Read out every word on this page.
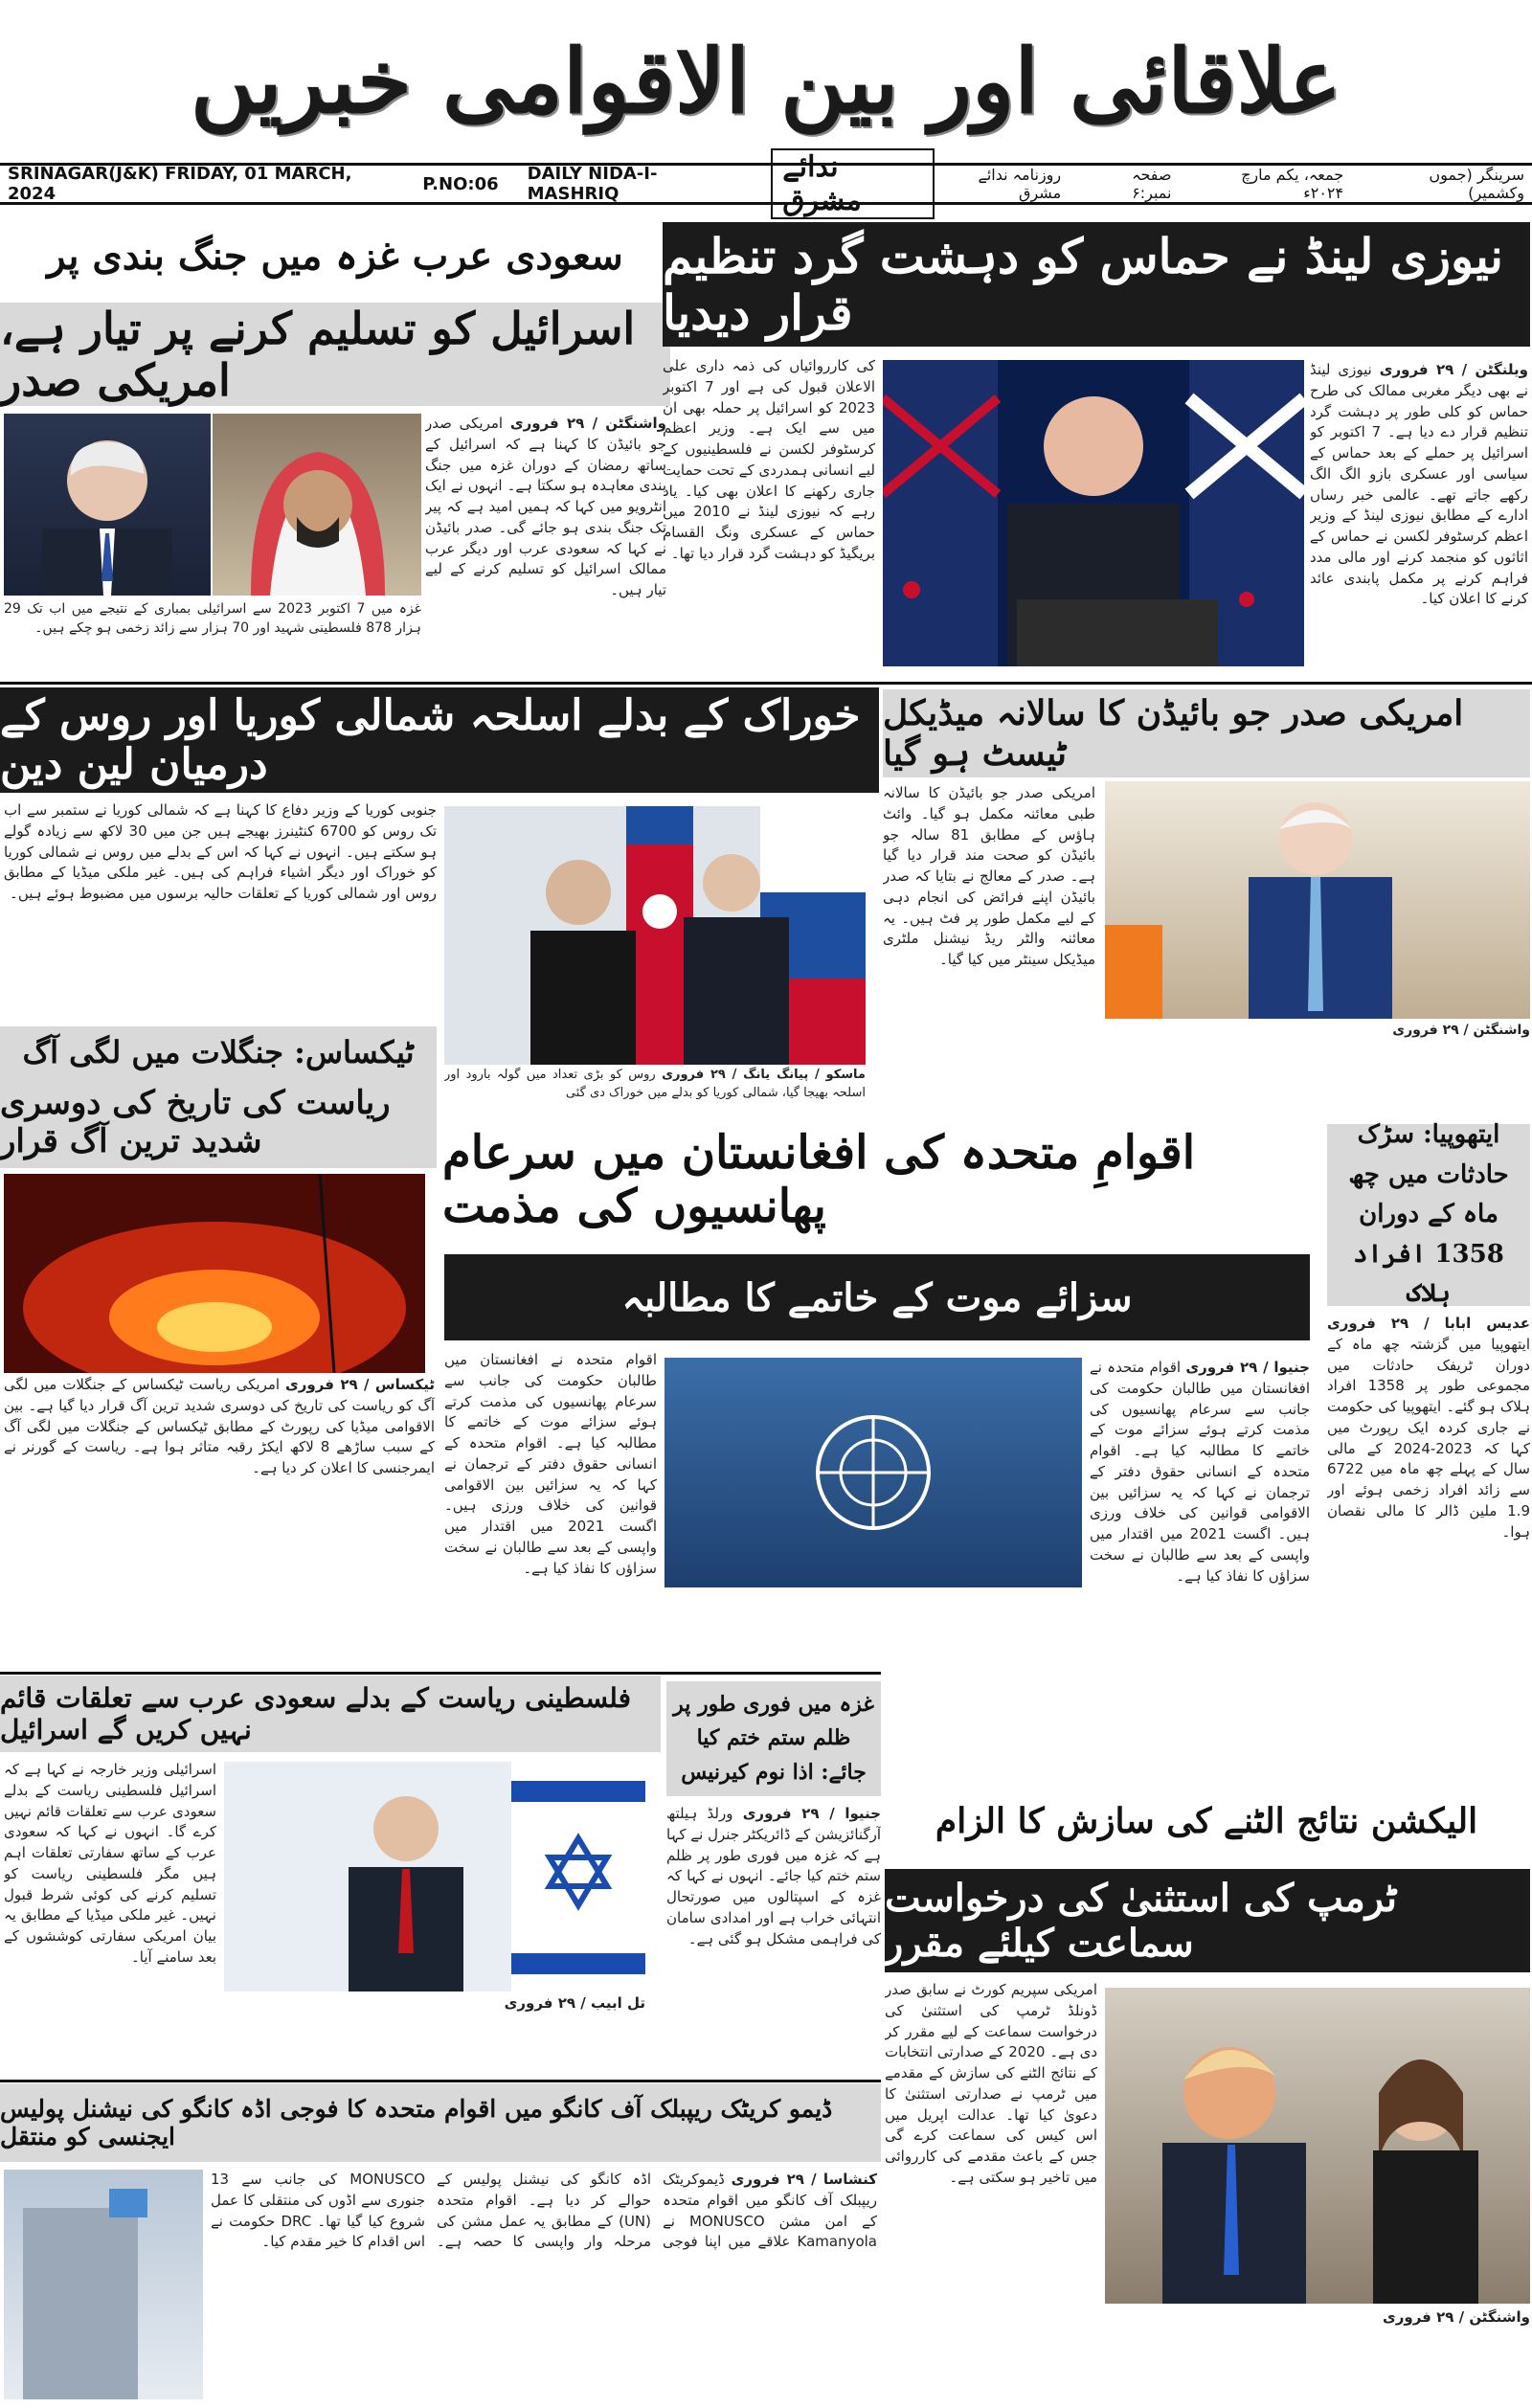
علاقائی اور بین الاقوامی خبریں
SRINAGAR(J&K) FRIDAY, 01 MARCH, 2024	P.NO:06 DAILY NIDA-I-MASHRIQ
ندائے مشرق
سرینگر (جموں وکشمیر)
جمعہ، یکم مارچ ۲۰۲۴ء
صفحہ نمبر:۶
روزنامہ ندائے مشرق
سعودی عرب غزہ میں جنگ بندی پر
اسرائیل کو تسلیم کرنے پر تیار ہے، امریکی صدر
واشنگٹن / ۲۹ فروری امریکی صدر جو بائیڈن کا کہنا ہے کہ اسرائیل کے ساتھ رمضان کے دوران غزہ میں جنگ بندی معاہدہ ہو سکتا ہے۔ انہوں نے ایک انٹرویو میں کہا کہ ہمیں امید ہے کہ پیر تک جنگ بندی ہو جائے گی۔ صدر بائیڈن نے کہا کہ سعودی عرب اور دیگر عرب ممالک اسرائیل کو تسلیم کرنے کے لیے تیار ہیں۔
غزہ میں 7 اکتوبر 2023 سے اسرائیلی بمباری کے نتیجے میں اب تک 29 ہزار 878 فلسطینی شہید اور 70 ہزار سے زائد زخمی ہو چکے ہیں۔
نیوزی لینڈ نے حماس کو دہشت گرد تنظیم قرار دیدیا
کی کارروائیاں کی ذمہ داری علی الاعلان قبول کی ہے اور 7 اکتوبر 2023 کو اسرائیل پر حملہ بھی ان میں سے ایک ہے۔ وزیر اعظم کرسٹوفر لکسن نے فلسطینیوں کے لیے انسانی ہمدردی کے تحت حمایت جاری رکھنے کا اعلان بھی کیا۔ یاد رہے کہ نیوزی لینڈ نے 2010 میں حماس کے عسکری ونگ القسام بریگیڈ کو دہشت گرد قرار دیا تھا۔
ویلنگٹن / ۲۹ فروری نیوزی لینڈ نے بھی دیگر مغربی ممالک کی طرح حماس کو کلی طور پر دہشت گرد تنظیم قرار دے دیا ہے۔ 7 اکتوبر کو اسرائیل پر حملے کے بعد حماس کے سیاسی اور عسکری بازو الگ الگ رکھے جاتے تھے۔ عالمی خبر رساں ادارے کے مطابق نیوزی لینڈ کے وزیر اعظم کرسٹوفر لکسن نے حماس کے اثاثوں کو منجمد کرنے اور مالی مدد فراہم کرنے پر مکمل پابندی عائد کرنے کا اعلان کیا۔
خوراک کے بدلے اسلحہ شمالی کوریا اور روس کے درمیان لین دین
جنوبی کوریا کے وزیر دفاع کا کہنا ہے کہ شمالی کوریا نے ستمبر سے اب تک روس کو 6700 کنٹینرز بھیجے ہیں جن میں 30 لاکھ سے زیادہ گولے ہو سکتے ہیں۔ انہوں نے کہا کہ اس کے بدلے میں روس نے شمالی کوریا کو خوراک اور دیگر اشیاء فراہم کی ہیں۔ غیر ملکی میڈیا کے مطابق روس اور شمالی کوریا کے تعلقات حالیہ برسوں میں مضبوط ہوئے ہیں۔
ماسکو / پیانگ یانگ / ۲۹ فروری روس کو بڑی تعداد میں گولہ بارود اور اسلحہ بھیجا گیا، شمالی کوریا کو بدلے میں خوراک دی گئی
امریکی صدر جو بائیڈن کا سالانہ میڈیکل ٹیسٹ ہو گیا
امریکی صدر جو بائیڈن کا سالانہ طبی معائنہ مکمل ہو گیا۔ وائٹ ہاؤس کے مطابق 81 سالہ جو بائیڈن کو صحت مند قرار دیا گیا ہے۔ صدر کے معالج نے بتایا کہ صدر بائیڈن اپنے فرائض کی انجام دہی کے لیے مکمل طور پر فٹ ہیں۔ یہ معائنہ والٹر ریڈ نیشنل ملٹری میڈیکل سینٹر میں کیا گیا۔
واشنگٹن / ۲۹ فروری
ٹیکساس: جنگلات میں لگی آگ
ریاست کی تاریخ کی دوسری شدید ترین آگ قرار
ٹیکساس / ۲۹ فروری امریکی ریاست ٹیکساس کے جنگلات میں لگی آگ کو ریاست کی تاریخ کی دوسری شدید ترین آگ قرار دیا گیا ہے۔ بین الاقوامی میڈیا کی رپورٹ کے مطابق ٹیکساس کے جنگلات میں لگی آگ کے سبب ساڑھے 8 لاکھ ایکڑ رقبہ متاثر ہوا ہے۔ ریاست کے گورنر نے ایمرجنسی کا اعلان کر دیا ہے۔
اقوامِ متحدہ کی افغانستان میں سرعام پھانسیوں کی مذمت
سزائے موت کے خاتمے کا مطالبہ
اقوام متحدہ نے افغانستان میں طالبان حکومت کی جانب سے سرعام پھانسیوں کی مذمت کرتے ہوئے سزائے موت کے خاتمے کا مطالبہ کیا ہے۔ اقوام متحدہ کے انسانی حقوق دفتر کے ترجمان نے کہا کہ یہ سزائیں بین الاقوامی قوانین کی خلاف ورزی ہیں۔ اگست 2021 میں اقتدار میں واپسی کے بعد سے طالبان نے سخت سزاؤں کا نفاذ کیا ہے۔
جنیوا / ۲۹ فروری اقوام متحدہ نے افغانستان میں طالبان حکومت کی جانب سے سرعام پھانسیوں کی مذمت کرتے ہوئے سزائے موت کے خاتمے کا مطالبہ کیا ہے۔ اقوام متحدہ کے انسانی حقوق دفتر کے ترجمان نے کہا کہ یہ سزائیں بین الاقوامی قوانین کی خلاف ورزی ہیں۔ اگست 2021 میں اقتدار میں واپسی کے بعد سے طالبان نے سخت سزاؤں کا نفاذ کیا ہے۔
ایتھوپیا: سڑک حادثات میں چھ ماہ کے دوران 1358 افراد ہلاک
عدیس ابابا / ۲۹ فروری ایتھوپیا میں گزشتہ چھ ماہ کے دوران ٹریفک حادثات میں مجموعی طور پر 1358 افراد ہلاک ہو گئے۔ ایتھوپیا کی حکومت نے جاری کردہ ایک رپورٹ میں کہا کہ 2023-2024 کے مالی سال کے پہلے چھ ماہ میں 6722 سے زائد افراد زخمی ہوئے اور 1.9 ملین ڈالر کا مالی نقصان ہوا۔
فلسطینی ریاست کے بدلے سعودی عرب سے تعلقات قائم نہیں کریں گے اسرائیل
اسرائیلی وزیر خارجہ نے کہا ہے کہ اسرائیل فلسطینی ریاست کے بدلے سعودی عرب سے تعلقات قائم نہیں کرے گا۔ انہوں نے کہا کہ سعودی عرب کے ساتھ سفارتی تعلقات اہم ہیں مگر فلسطینی ریاست کو تسلیم کرنے کی کوئی شرط قبول نہیں۔ غیر ملکی میڈیا کے مطابق یہ بیان امریکی سفارتی کوششوں کے بعد سامنے آیا۔
تل ابیب / ۲۹ فروری
غزہ میں فوری طور پر ظلم ستم ختم کیا جائے: اذا نوم کیرنیس
جنیوا / ۲۹ فروری ورلڈ ہیلتھ آرگنائزیشن کے ڈائریکٹر جنرل نے کہا ہے کہ غزہ میں فوری طور پر ظلم ستم ختم کیا جائے۔ انہوں نے کہا کہ غزہ کے اسپتالوں میں صورتحال انتہائی خراب ہے اور امدادی سامان کی فراہمی مشکل ہو گئی ہے۔
الیکشن نتائج الٹنے کی سازش کا الزام
ٹرمپ کی استثنیٰ کی درخواست سماعت کیلئے مقرر
امریکی سپریم کورٹ نے سابق صدر ڈونلڈ ٹرمپ کی استثنیٰ کی درخواست سماعت کے لیے مقرر کر دی ہے۔ 2020 کے صدارتی انتخابات کے نتائج الٹنے کی سازش کے مقدمے میں ٹرمپ نے صدارتی استثنیٰ کا دعویٰ کیا تھا۔ عدالت اپریل میں اس کیس کی سماعت کرے گی جس کے باعث مقدمے کی کارروائی میں تاخیر ہو سکتی ہے۔
واشنگٹن / ۲۹ فروری
ڈیمو کریٹک ریپبلک آف کانگو میں اقوام متحدہ کا فوجی اڈہ کانگو کی نیشنل پولیس ایجنسی کو منتقل
کنشاسا / ۲۹ فروری ڈیموکریٹک ریپبلک آف کانگو میں اقوام متحدہ کے امن مشن MONUSCO نے Kamanyola علاقے میں اپنا فوجی اڈہ کانگو کی نیشنل پولیس کے حوالے کر دیا ہے۔ اقوام متحدہ (UN) کے مطابق یہ عمل مشن کی مرحلہ وار واپسی کا حصہ ہے۔ MONUSCO کی جانب سے 13 جنوری سے اڈوں کی منتقلی کا عمل شروع کیا گیا تھا۔ DRC حکومت نے اس اقدام کا خیر مقدم کیا۔
